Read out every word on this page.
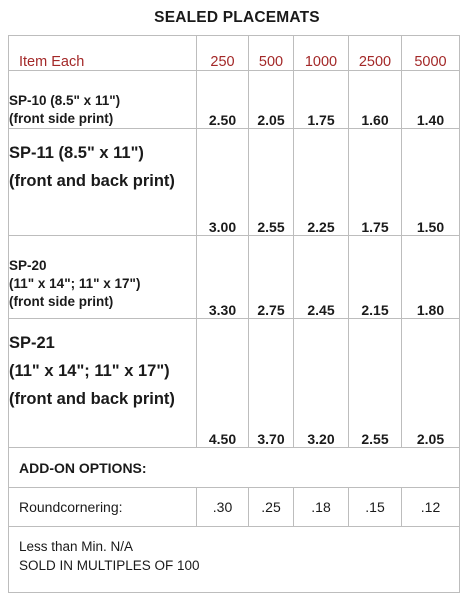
SEALED PLACEMATS
Item Each	250	500	1000	2500	5000

SP-10 (8.5" x 11")
(front side print)	2.50	2.05	1.75	1.60	1.40

SP-11 (8.5" x 11")
(front and back print)	3.00	2.55	2.25	1.75	1.50

SP-20
(11" x 14"; 11" x 17")
(front side print)	3.30	2.75	2.45	2.15	1.80

SP-21
(11" x 14"; 11" x 17")
(front and back print)	4.50	3.70	3.20	2.55	2.05
ADD-ON OPTIONS:					
Roundcornering:	.30	.25	.18	.15	.12

Less than Min. N/A
SOLD IN MULTIPLES OF 100					
